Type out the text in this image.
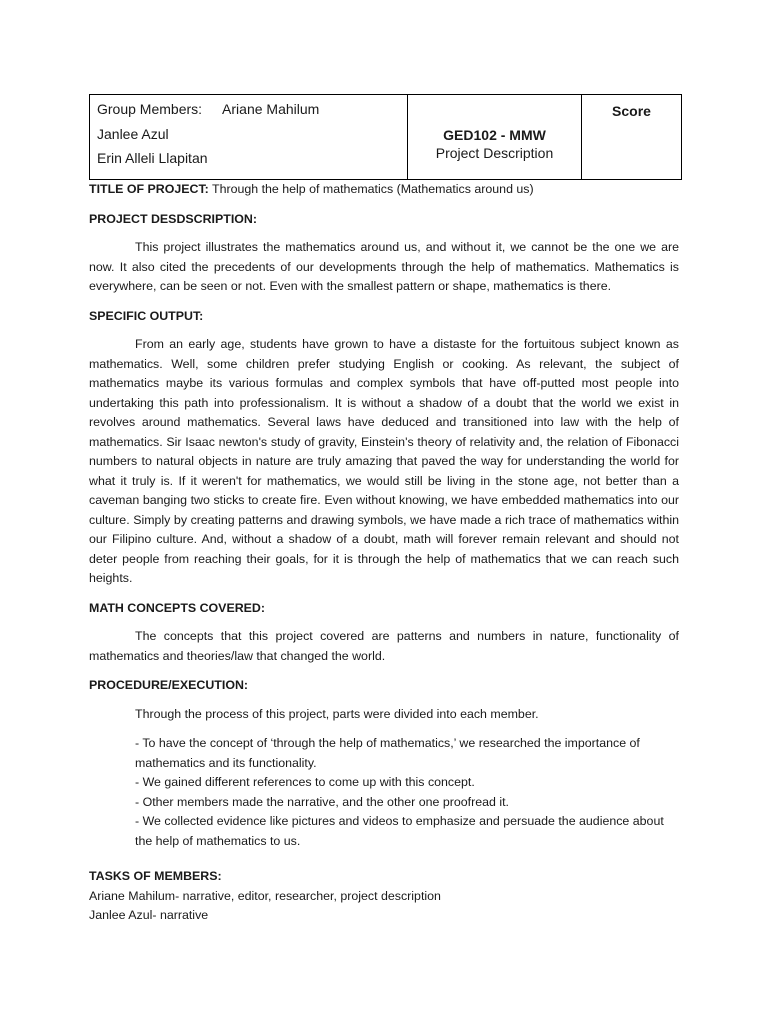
Group Members: Ariane Mahilum
Janlee Azul
Erin Alleli Llapitan
GED102 - MMW
Project Description
Score

TITLE OF PROJECT: Through the help of mathematics (Mathematics around us)

PROJECT DESDSCRIPTION:

This project illustrates the mathematics around us, and without it, we cannot be the one we are now. It also cited the precedents of our developments through the help of mathematics. Mathematics is everywhere, can be seen or not. Even with the smallest pattern or shape, mathematics is there.

SPECIFIC OUTPUT:

From an early age, students have grown to have a distaste for the fortuitous subject known as mathematics. Well, some children prefer studying English or cooking. As relevant, the subject of mathematics maybe its various formulas and complex symbols that have off-putted most people into undertaking this path into professionalism. It is without a shadow of a doubt that the world we exist in revolves around mathematics. Several laws have deduced and transitioned into law with the help of mathematics. Sir Isaac newton's study of gravity, Einstein's theory of relativity and, the relation of Fibonacci numbers to natural objects in nature are truly amazing that paved the way for understanding the world for what it truly is. If it weren't for mathematics, we would still be living in the stone age, not better than a caveman banging two sticks to create fire. Even without knowing, we have embedded mathematics into our culture. Simply by creating patterns and drawing symbols, we have made a rich trace of mathematics within our Filipino culture. And, without a shadow of a doubt, math will forever remain relevant and should not deter people from reaching their goals, for it is through the help of mathematics that we can reach such heights.

MATH CONCEPTS COVERED:

The concepts that this project covered are patterns and numbers in nature, functionality of mathematics and theories/law that changed the world.

PROCEDURE/EXECUTION:

Through the process of this project, parts were divided into each member.

- To have the concept of ‘through the help of mathematics,’ we researched the importance of mathematics and its functionality.

- We gained different references to come up with this concept.

- Other members made the narrative, and the other one proofread it.

- We collected evidence like pictures and videos to emphasize and persuade the audience about the help of mathematics to us.

TASKS OF MEMBERS:

Ariane Mahilum- narrative, editor, researcher, project description

Janlee Azul- narrative
